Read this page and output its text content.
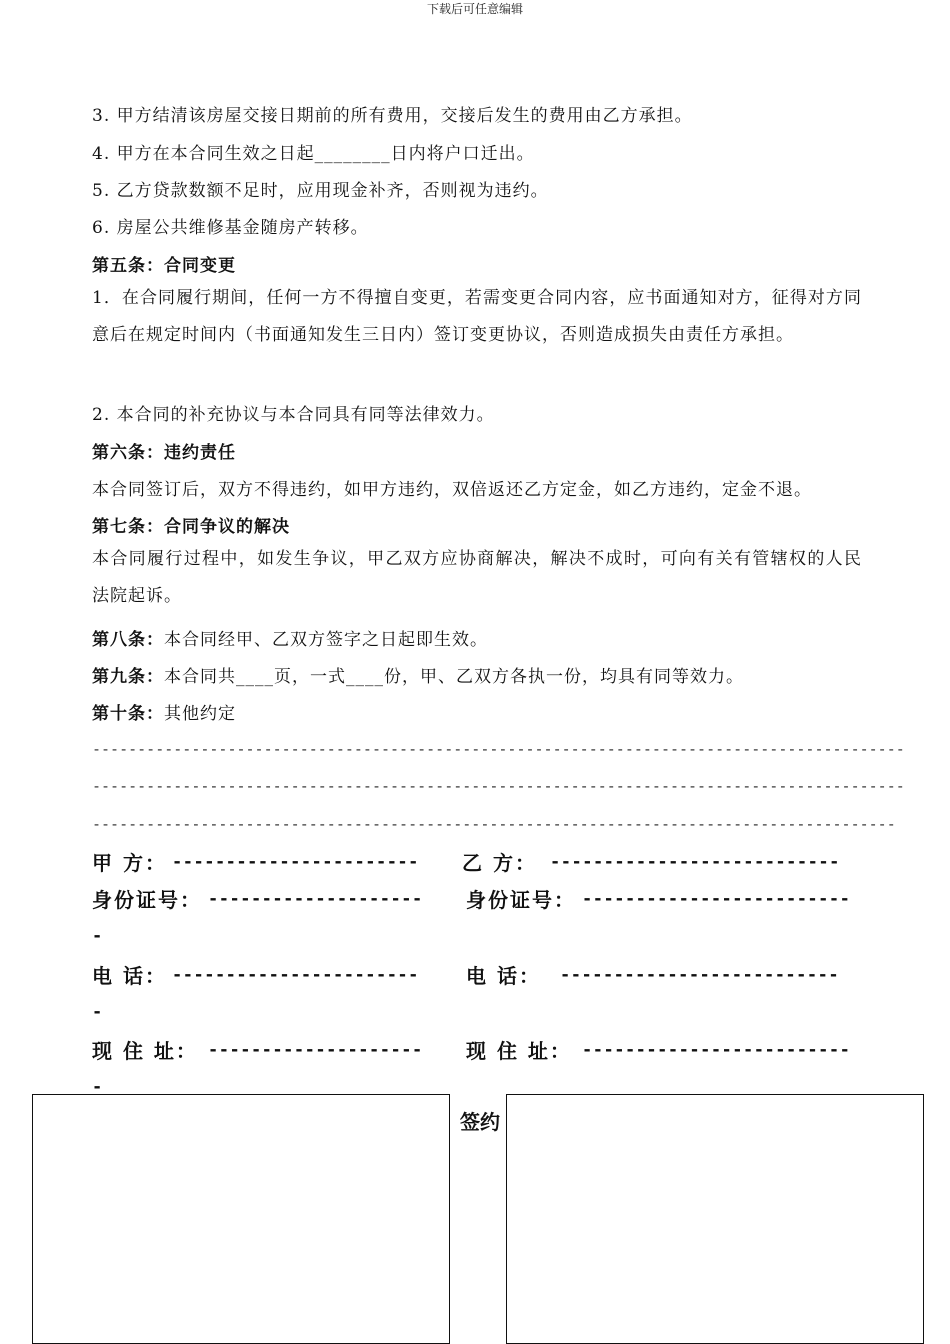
下载后可任意编辑
3. 甲方结清该房屋交接日期前的所有费用，交接后发生的费用由乙方承担。
4. 甲方在本合同生效之日起________日内将户口迁出。
5. 乙方贷款数额不足时，应用现金补齐，否则视为违约。
6. 房屋公共维修基金随房产转移。
第五条：合同变更
1．在合同履行期间，任何一方不得擅自变更，若需变更合同内容，应书面通知对方，征得对方同意后在规定时间内（书面通知发生三日内）签订变更协议，否则造成损失由责任方承担。
2. 本合同的补充协议与本合同具有同等法律效力。
第六条：违约责任
本合同签订后，双方不得违约，如甲方违约，双倍返还乙方定金，如乙方违约，定金不退。
第七条：合同争议的解决
本合同履行过程中，如发生争议，甲乙双方应协商解决，解决不成时，可向有关有管辖权的人民法院起诉。
第八条：本合同经甲、乙双方签字之日起即生效。
第九条：本合同共____页，一式____份，甲、乙双方各执一份，均具有同等效力。
第十条：其他约定
------------------------------------------------------------------------------------------
------------------------------------------------------------------------------------------
-----------------------------------------------------------------------------------------
甲 方： ----------------------- 乙 方： ---------------------------
身份证号： -------------------- 身份证号： -------------------------
-
电 话： ----------------------- 电 话： --------------------------
-
现 住 址： -------------------- 现 住 址： -------------------------
-
签约
